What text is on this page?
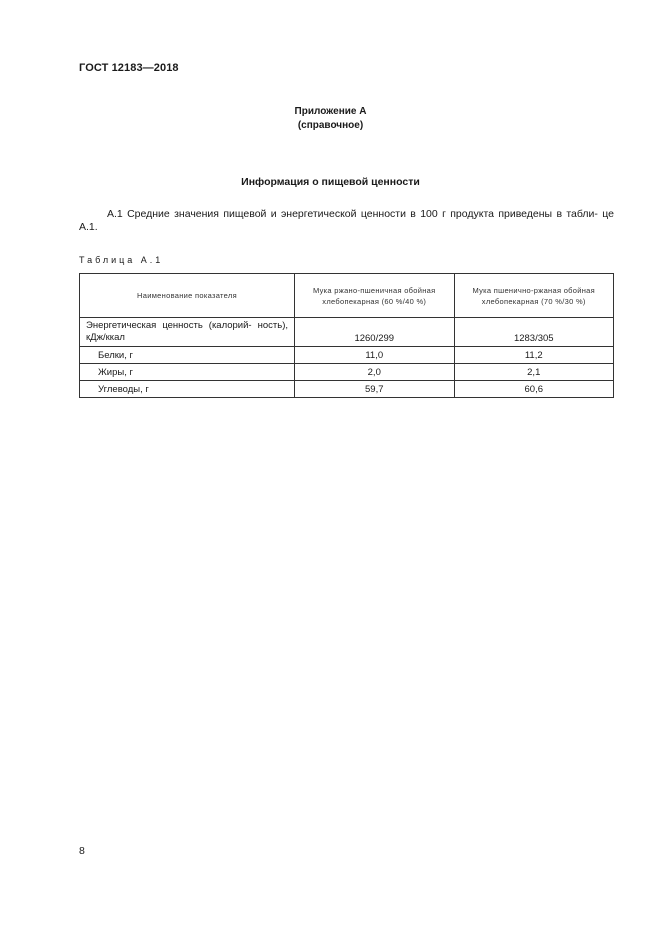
ГОСТ 12183—2018
Приложение А
(справочное)
Информация о пищевой ценности
А.1 Средние значения пищевой и энергетической ценности в 100 г продукта приведены в табли- це А.1.
Таблица А.1
Наименование показателя	Мука ржано-пшеничная обойная хлебопекарная (60 %/40 %)	Мука пшенично-ржаная обойная хлебопекарная (70 %/30 %)
Энергетическая ценность (калорий- ность), кДж/ккал	1260/299	1283/305
Белки, г	11,0	11,2
Жиры, г	2,0	2,1
Углеводы, г	59,7	60,6
8
